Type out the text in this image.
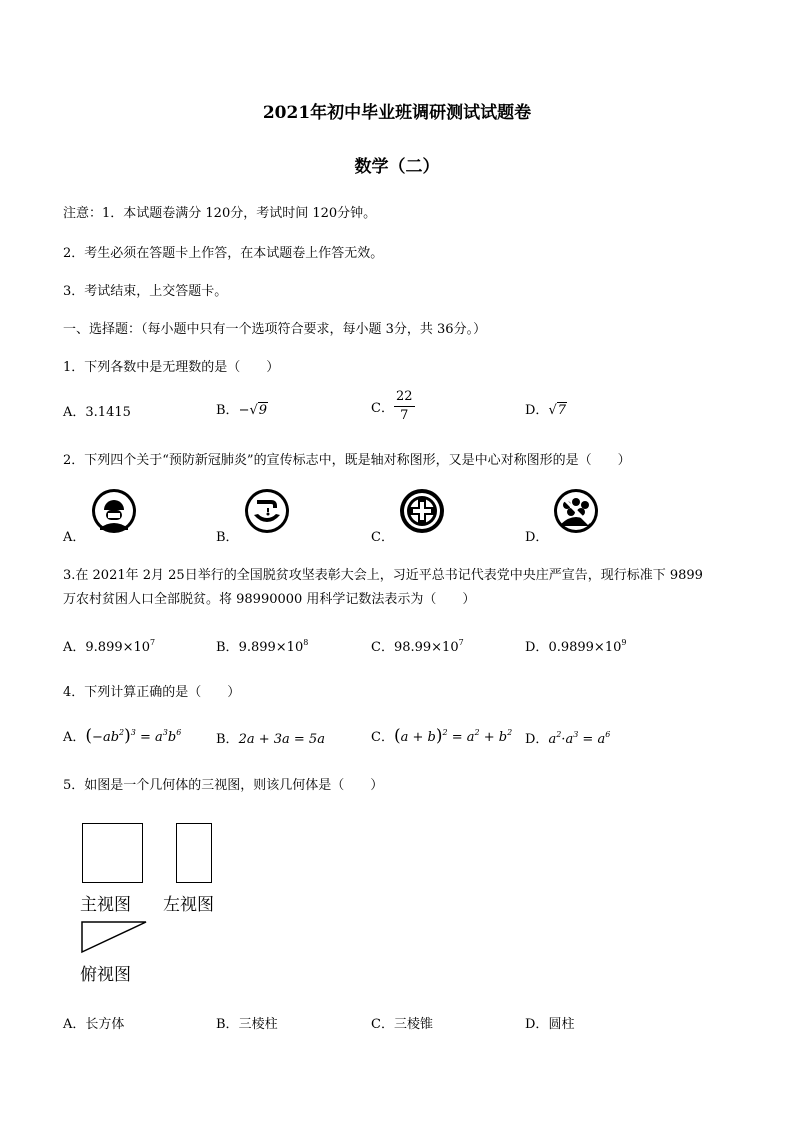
2021年初中毕业班调研测试试题卷
数学（二）
注意：1．本试题卷满分 120分，考试时间 120分钟。
2．考生必须在答题卡上作答，在本试题卷上作答无效。
3．考试结束，上交答题卡。
一、选择题：（每小题中只有一个选项符合要求，每小题 3分，共 36分。）
1．下列各数中是无理数的是（　　）
A．3.1415	B．−√9	C． $\frac{22}{7}$	D．√7
2．下列四个关于“预防新冠肺炎”的宣传标志中，既是轴对称图形，又是中心对称图形的是（　　）
A．	B．	C．	D．
3.在 2021年 2月 25日举行的全国脱贫攻坚表彰大会上，习近平总书记代表党中央庄严宣告，现行标准下 9899
万农村贫困人口全部脱贫。将 98990000 用科学记数法表示为（　　）
A．$9.899\times 10^7$	B．$9.899\times 10^8$	C．$98.99\times 10^7$	D．$0.9899\times 10^9$
4．下列计算正确的是（　　）
A．$(-ab^2)^3 = a^3b^6$	B．2a + 3a = 5a	C．$(a + b)^2 = a^2 + b^2$ D．$a^2\cdot a^3 = a^6$
5．如图是一个几何体的三视图，则该几何体是（　　）
主视图 左视图
俯视图
A．长方体	B．三棱柱	C．三棱锥	D．圆柱
